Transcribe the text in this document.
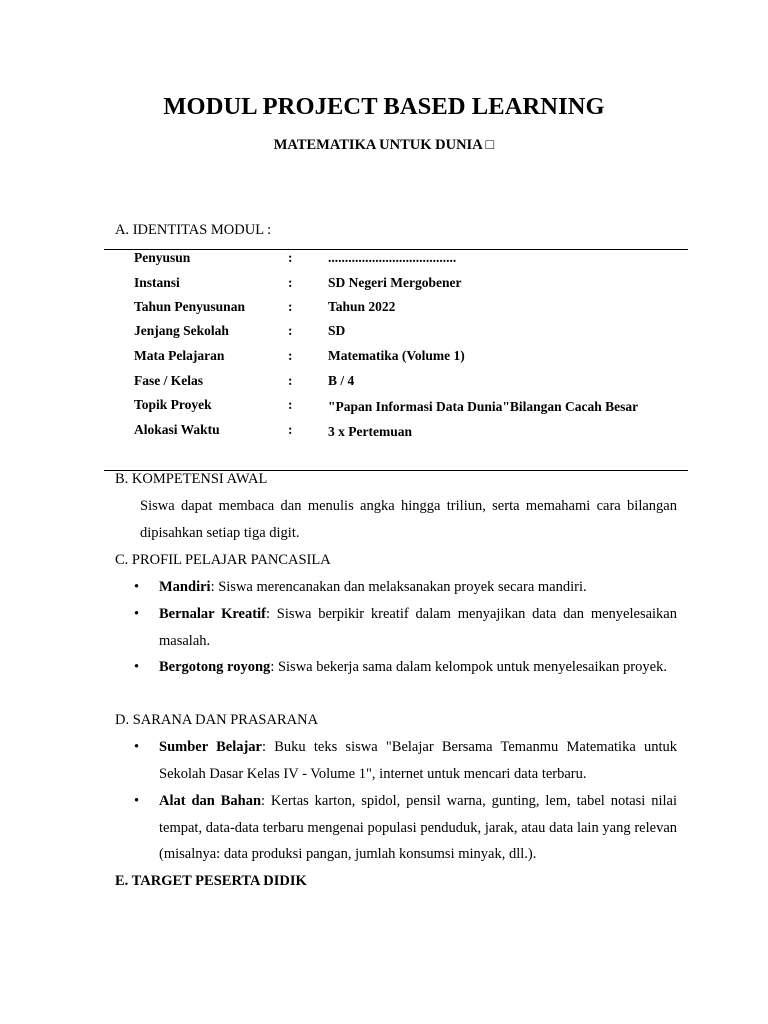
MODUL PROJECT BASED LEARNING
MATEMATIKA UNTUK DUNIA □
A. IDENTITAS MODUL :
Penyusun	:	......................................
Instansi	:	SD Negeri Mergobener
Tahun Penyusunan	:	Tahun 2022
Jenjang Sekolah	:	SD
Mata Pelajaran	:	Matematika (Volume 1)
Fase / Kelas	:	B / 4
Topik Proyek	:	"Papan Informasi Data Dunia"Bilangan Cacah Besar
Alokasi Waktu	:	3 x Pertemuan
B. KOMPETENSI AWAL
Siswa dapat membaca dan menulis angka hingga triliun, serta memahami cara bilangan dipisahkan setiap tiga digit.
C. PROFIL PELAJAR PANCASILA
• Mandiri: Siswa merencanakan dan melaksanakan proyek secara mandiri.
• Bernalar Kreatif: Siswa berpikir kreatif dalam menyajikan data dan menyelesaikan masalah.
• Bergotong royong: Siswa bekerja sama dalam kelompok untuk menyelesaikan proyek.
D. SARANA DAN PRASARANA
• Sumber Belajar: Buku teks siswa "Belajar Bersama Temanmu Matematika untuk Sekolah Dasar Kelas IV - Volume 1", internet untuk mencari data terbaru.
• Alat dan Bahan: Kertas karton, spidol, pensil warna, gunting, lem, tabel notasi nilai tempat, data-data terbaru mengenai populasi penduduk, jarak, atau data lain yang relevan (misalnya: data produksi pangan, jumlah konsumsi minyak, dll.).
E. TARGET PESERTA DIDIK
